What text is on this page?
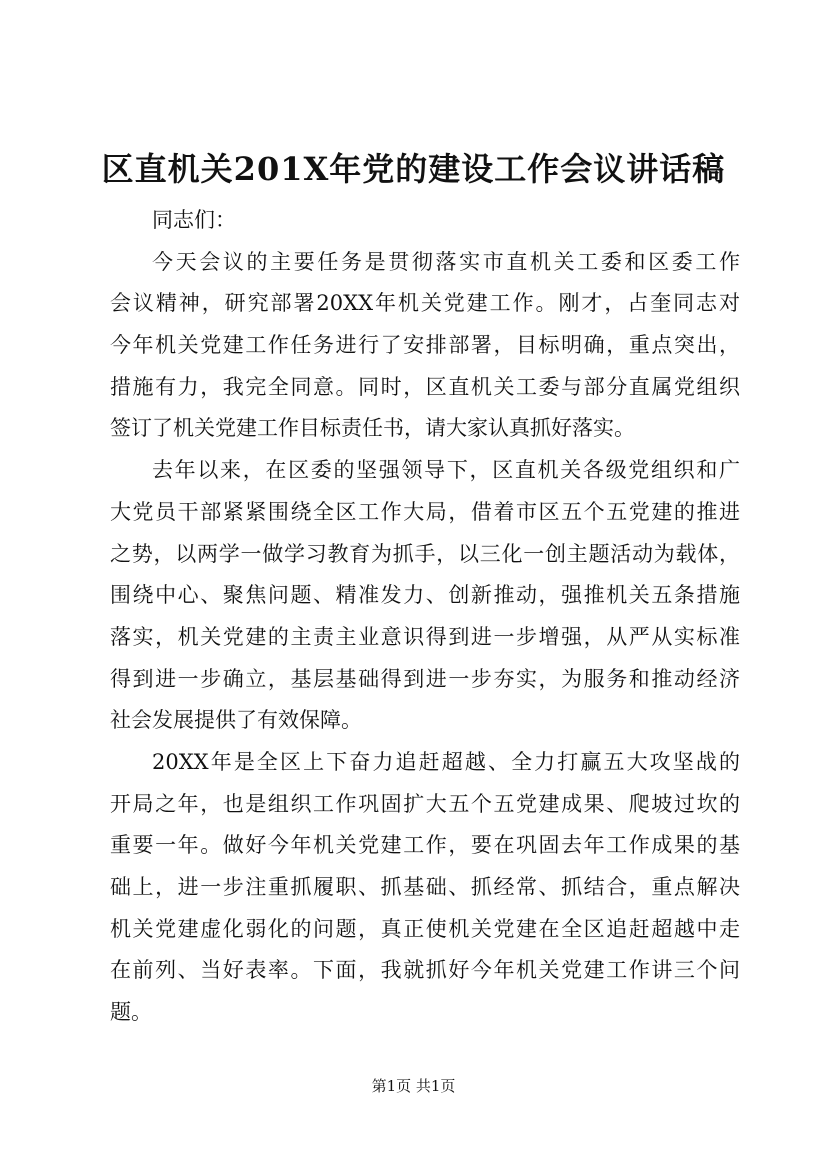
区直机关201X年党的建设工作会议讲话稿
同志们：
今天会议的主要任务是贯彻落实市直机关工委和区委工作
会议精神，研究部署20XX年机关党建工作。刚才，占奎同志对
今年机关党建工作任务进行了安排部署，目标明确，重点突出，
措施有力，我完全同意。同时，区直机关工委与部分直属党组织
签订了机关党建工作目标责任书，请大家认真抓好落实。
去年以来，在区委的坚强领导下，区直机关各级党组织和广
大党员干部紧紧围绕全区工作大局，借着市区五个五党建的推进
之势，以两学一做学习教育为抓手，以三化一创主题活动为载体，
围绕中心、聚焦问题、精准发力、创新推动，强推机关五条措施
落实，机关党建的主责主业意识得到进一步增强，从严从实标准
得到进一步确立，基层基础得到进一步夯实，为服务和推动经济
社会发展提供了有效保障。
20XX年是全区上下奋力追赶超越、全力打赢五大攻坚战的
开局之年，也是组织工作巩固扩大五个五党建成果、爬坡过坎的
重要一年。做好今年机关党建工作，要在巩固去年工作成果的基
础上，进一步注重抓履职、抓基础、抓经常、抓结合，重点解决
机关党建虚化弱化的问题，真正使机关党建在全区追赶超越中走
在前列、当好表率。下面，我就抓好今年机关党建工作讲三个问
题。
第1页 共1页
